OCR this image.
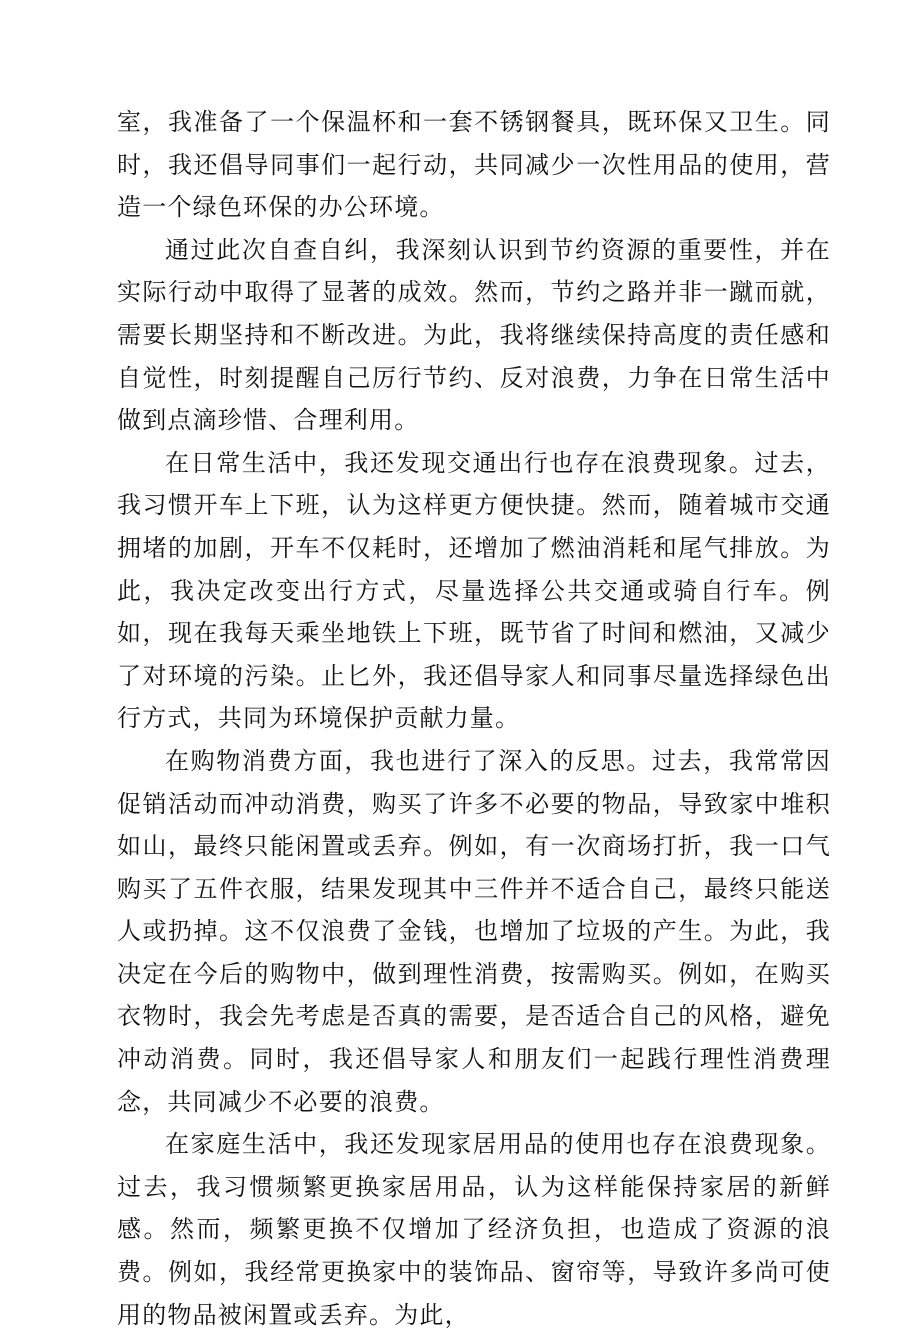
室，我准备了一个保温杯和一套不锈钢餐具，既环保又卫生。同时，我还倡导同事们一起行动，共同减少一次性用品的使用，营造一个绿色环保的办公环境。

通过此次自查自纠，我深刻认识到节约资源的重要性，并在实际行动中取得了显著的成效。然而，节约之路并非一蹴而就，需要长期坚持和不断改进。为此，我将继续保持高度的责任感和自觉性，时刻提醒自己厉行节约、反对浪费，力争在日常生活中做到点滴珍惜、合理利用。

在日常生活中，我还发现交通出行也存在浪费现象。过去，我习惯开车上下班，认为这样更方便快捷。然而，随着城市交通拥堵的加剧，开车不仅耗时，还增加了燃油消耗和尾气排放。为此，我决定改变出行方式，尽量选择公共交通或骑自行车。例如，现在我每天乘坐地铁上下班，既节省了时间和燃油，又减少了对环境的污染。止匕外，我还倡导家人和同事尽量选择绿色出行方式，共同为环境保护贡献力量。

在购物消费方面，我也进行了深入的反思。过去，我常常因促销活动而冲动消费，购买了许多不必要的物品，导致家中堆积如山，最终只能闲置或丢弃。例如，有一次商场打折，我一口气购买了五件衣服，结果发现其中三件并不适合自己，最终只能送人或扔掉。这不仅浪费了金钱，也增加了垃圾的产生。为此，我决定在今后的购物中，做到理性消费，按需购买。例如，在购买衣物时，我会先考虑是否真的需要，是否适合自己的风格，避免冲动消费。同时，我还倡导家人和朋友们一起践行理性消费理念，共同减少不必要的浪费。

在家庭生活中，我还发现家居用品的使用也存在浪费现象。过去，我习惯频繁更换家居用品，认为这样能保持家居的新鲜感。然而，频繁更换不仅增加了经济负担，也造成了资源的浪费。例如，我经常更换家中的装饰品、窗帘等，导致许多尚可使用的物品被闲置或丢弃。为此，
